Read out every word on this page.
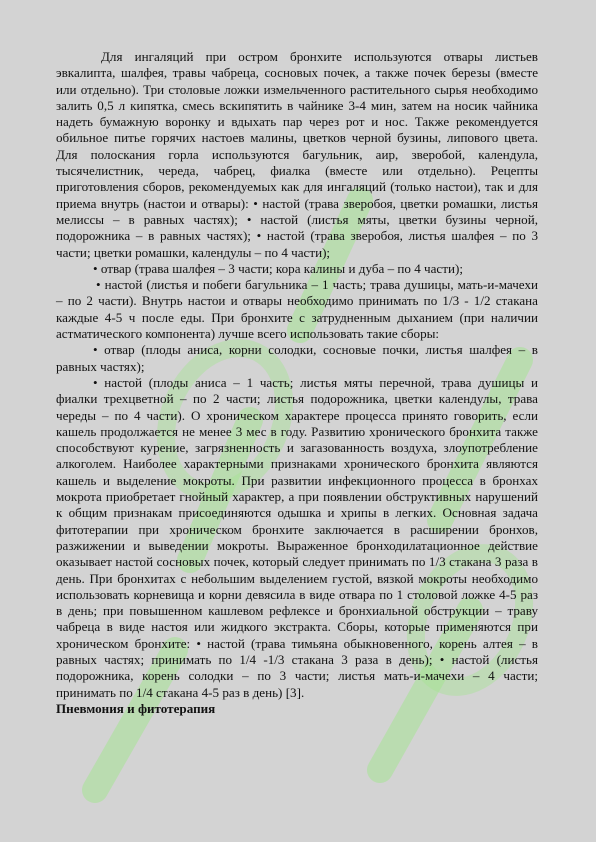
Для ингаляций при остром бронхите используются отвары листьев эвкалипта, шалфея, травы чабреца, сосновых почек, а также почек березы (вместе или отдельно). Три столовые ложки измельченного растительного сырья необходимо залить 0,5 л кипятка, смесь вскипятить в чайнике 3-4 мин, затем на носик чайника надеть бумажную воронку и вдыхать пар через рот и нос. Также рекомендуется обильное питье горячих настоев малины, цветков черной бузины, липового цвета. Для полоскания горла используются багульник, аир, зверобой, календула, тысячелистник, череда, чабрец, фиалка (вместе или отдельно). Рецепты приготовления сборов, рекомендуемых как для ингаляций (только настои), так и для приема внутрь (настои и отвары): • настой (трава зверобоя, цветки ромашки, листья мелиссы – в равных частях); • настой (листья мяты, цветки бузины черной, подорожника – в равных частях); • настой (трава зверобоя, листья шалфея – по 3 части; цветки ромашки, календулы – по 4 части);

• отвар (трава шалфея – 3 части; кора калины и дуба – по 4 части);

• настой (листья и побеги багульника – 1 часть; трава душицы, мать-и-мачехи – по 2 части). Внутрь настои и отвары необходимо принимать по 1/3 - 1/2 стакана каждые 4-5 ч после еды. При бронхите с затрудненным дыханием (при наличии астматического компонента) лучше всего использовать такие сборы:

• отвар (плоды аниса, корни солодки, сосновые почки, листья шалфея – в равных частях);

• настой (плоды аниса – 1 часть; листья мяты перечной, трава душицы и фиалки трехцветной – по 2 части; листья подорожника, цветки календулы, трава череды – по 4 части). О хроническом характере процесса принято говорить, если кашель продолжается не менее 3 мес в году. Развитию хронического бронхита также способствуют курение, загрязненность и загазованность воздуха, злоупотребление алкоголем. Наиболее характерными признаками хронического бронхита являются кашель и выделение мокроты. При развитии инфекционного процесса в бронхах мокрота приобретает гнойный характер, а при появлении обструктивных нарушений к общим признакам присоединяются одышка и хрипы в легких. Основная задача фитотерапии при хроническом бронхите заключается в расширении бронхов, разжижении и выведении мокроты. Выраженное бронходилатационное действие оказывает настой сосновых почек, который следует принимать по 1/3 стакана 3 раза в день. При бронхитах с небольшим выделением густой, вязкой мокроты необходимо использовать корневища и корни девясила в виде отвара по 1 столовой ложке 4-5 раз в день; при повышенном кашлевом рефлексе и бронхиальной обструкции – траву чабреца в виде настоя или жидкого экстракта. Сборы, которые применяются при хроническом бронхите: • настой (трава тимьяна обыкновенного, корень алтея – в равных частях; принимать по 1/4 -1/3 стакана 3 раза в день); • настой (листья подорожника, корень солодки – по 3 части; листья мать-и-мачехи – 4 части; принимать по 1/4 стакана 4-5 раз в день) [3].

Пневмония и фитотерапия
